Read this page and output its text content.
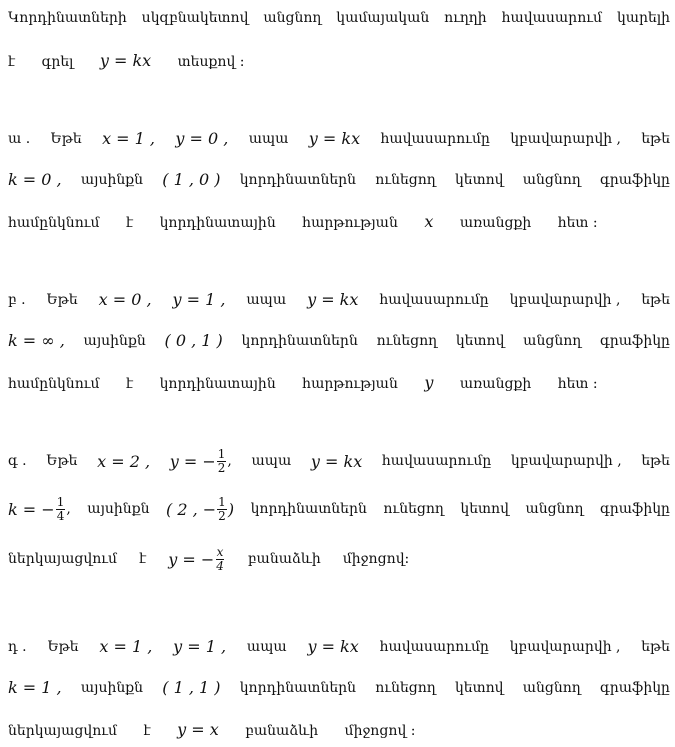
Կորդինատների սկզբնակետով անցնող կամայական ուղղի հավասարում կարելի
է գրել y = kx տեսքով :
ա . Եթե x = 1 , y = 0 , ապա y = kx հավասարումը կբավարարվի , եթե
k = 0 , այսինքն ( 1 , 0 ) կորդինատներն ունեցող կետով անցնող գրաֆիկը
համընկնում է կորդինատային հարթության x առանցքի հետ :
բ . Եթե x = 0 , y = 1 , ապա y = kx հավասարումը կբավարարվի , եթե
k = ∞ , այսինքն ( 0 , 1 ) կորդինատներն ունեցող կետով անցնող գրաֆիկը
համընկնում է կորդինատային հարթության y առանցքի հետ :
գ . Եթե x = 2 , y = − $\frac{1}{2}$ , ապա y = kx հավասարումը կբավարարվի , եթե
k = − $\frac{1}{4}$ , այսինքն ( 2 , − $\frac{1}{2}$ ) կորդինատներն ունեցող կետով անցնող գրաֆիկը
ներկայացվում է y = − $\frac{x}{4}$ բանաձևի միջոցով :
դ . Եթե x = 1 , y = 1 , ապա y = kx հավասարումը կբավարարվի , եթե
k = 1 , այսինքն ( 1 , 1 ) կորդինատներն ունեցող կետով անցնող գրաֆիկը
ներկայացվում է y = x բանաձևի միջոցով :
